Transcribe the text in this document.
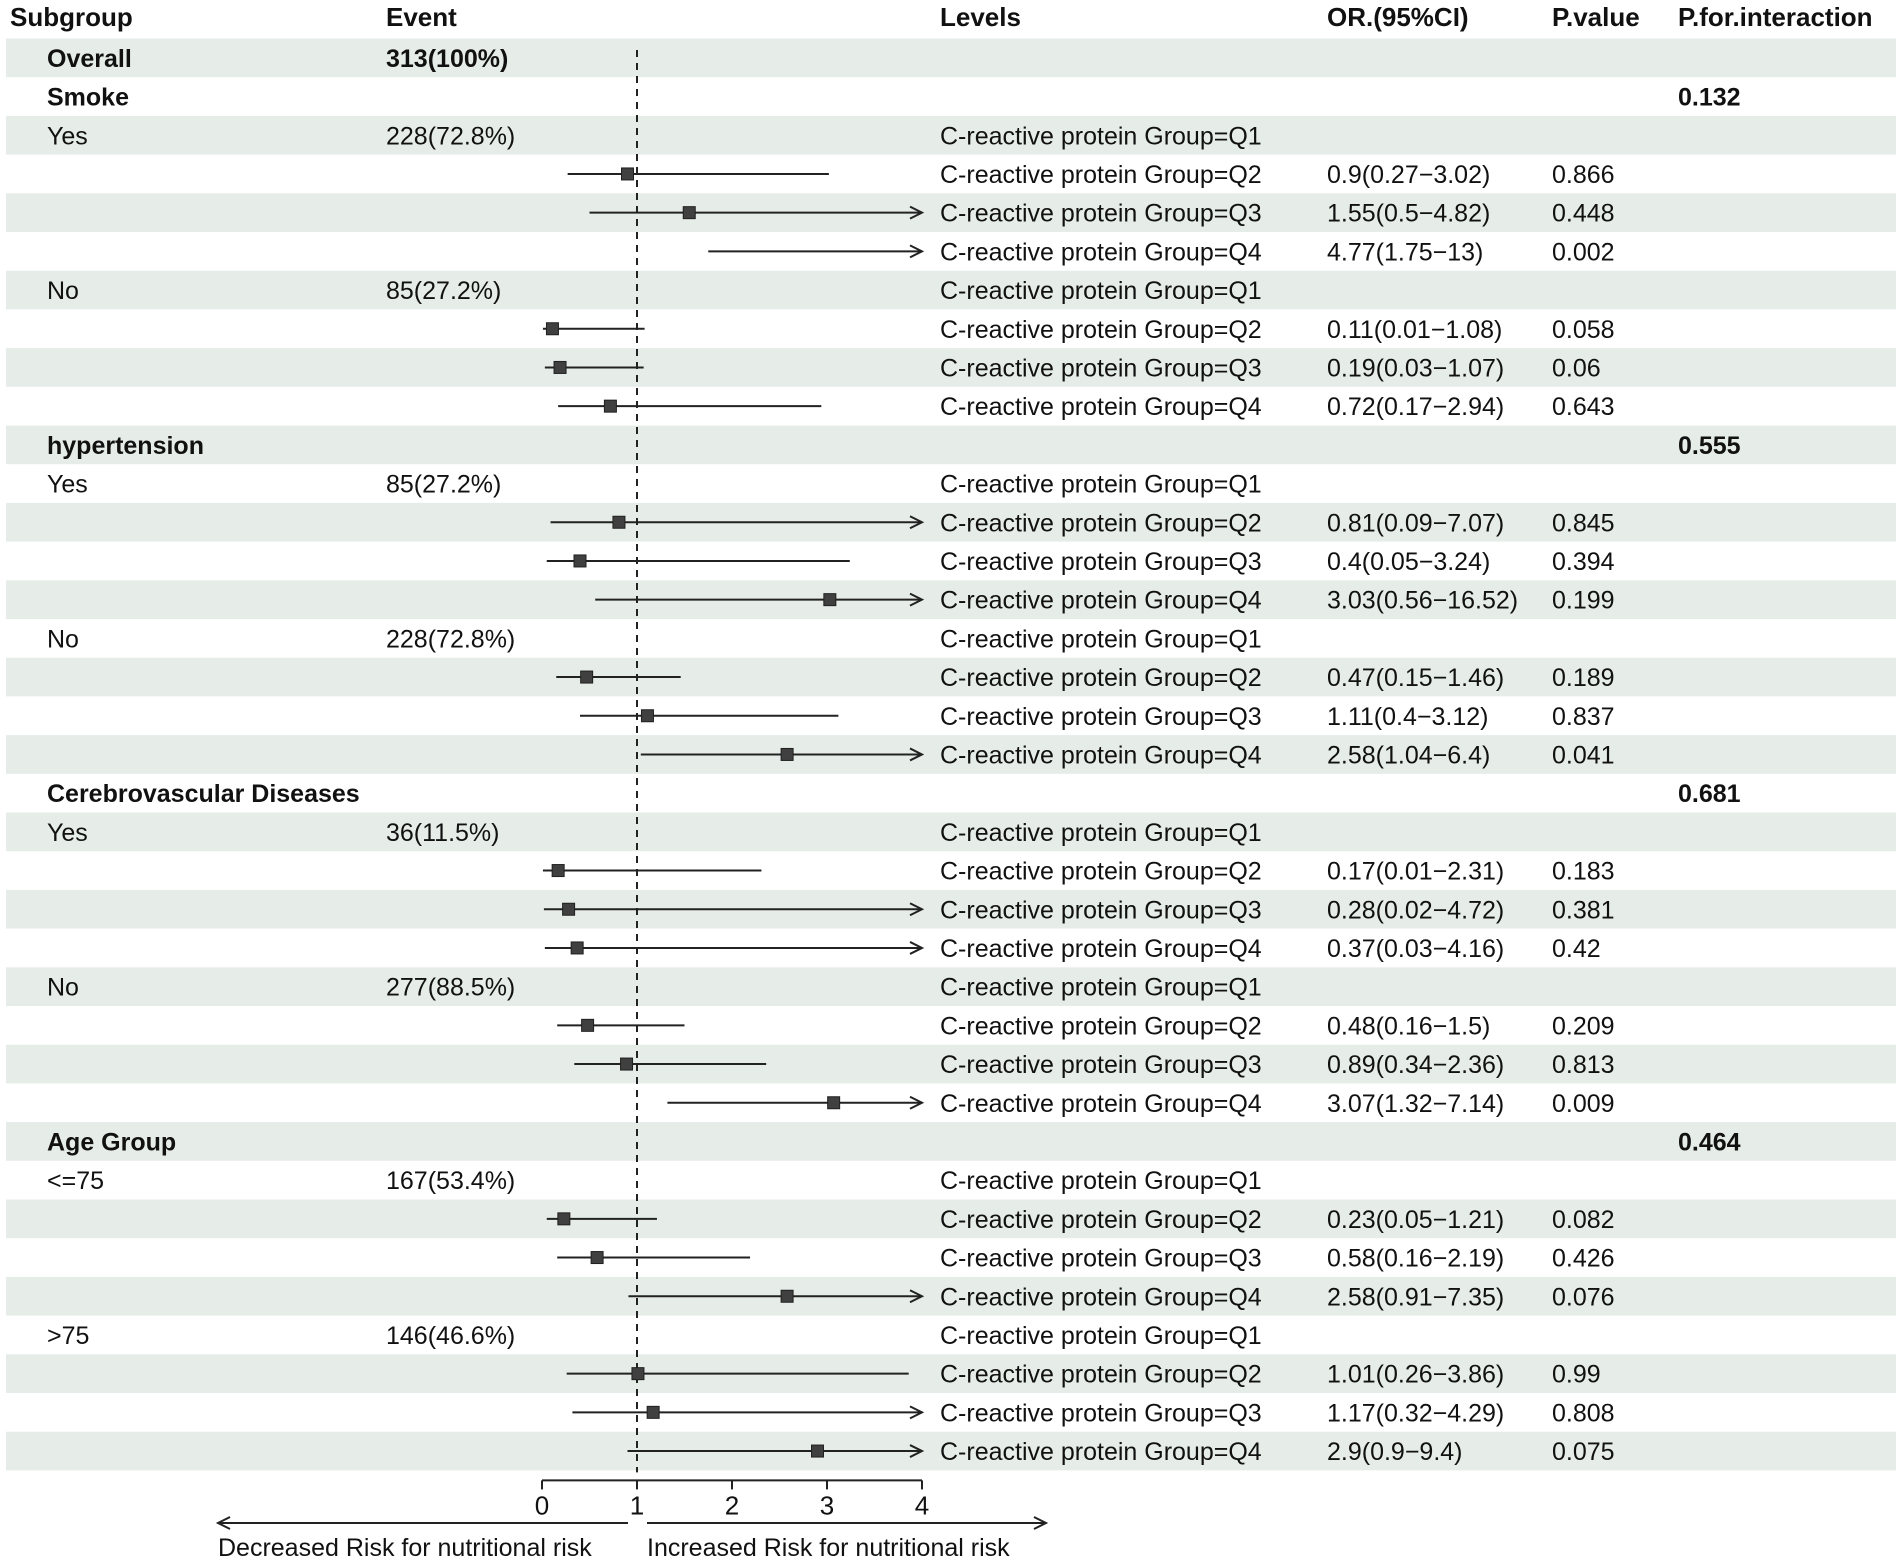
Subgroup	Event	Levels	OR.(95%CI)	P.value P.for.interaction
Overall	313(100%)
Smoke	0.132
Yes	228(72.8%)	C-reactive protein Group=Q1
C-reactive protein Group=Q2	0.9(0.27−3.02) 0.866
C-reactive protein Group=Q3	1.55(0.5−4.82) 0.448
C-reactive protein Group=Q4	4.77(1.75−13)	0.002
No	85(27.2%)	C-reactive protein Group=Q1
C-reactive protein Group=Q2	0.11(0.01−1.08) 0.058
C-reactive protein Group=Q3	0.19(0.03−1.07) 0.06
C-reactive protein Group=Q4	0.72(0.17−2.94) 0.643
hypertension	0.555
Yes	85(27.2%)	C-reactive protein Group=Q1
C-reactive protein Group=Q2	0.81(0.09−7.07) 0.845
C-reactive protein Group=Q3	0.4(0.05−3.24) 0.394
C-reactive protein Group=Q4	3.03(0.56−16.52) 0.199
No	228(72.8%)	C-reactive protein Group=Q1
C-reactive protein Group=Q2	0.47(0.15−1.46) 0.189
C-reactive protein Group=Q3	1.11(0.4−3.12)	0.837
C-reactive protein Group=Q4	2.58(1.04−6.4) 0.041
Cerebrovascular Diseases	0.681
Yes	36(11.5%)	C-reactive protein Group=Q1
C-reactive protein Group=Q2	0.17(0.01−2.31) 0.183
C-reactive protein Group=Q3	0.28(0.02−4.72) 0.381
C-reactive protein Group=Q4	0.37(0.03−4.16) 0.42
No	277(88.5%)	C-reactive protein Group=Q1
C-reactive protein Group=Q2	0.48(0.16−1.5) 0.209
C-reactive protein Group=Q3	0.89(0.34−2.36) 0.813
C-reactive protein Group=Q4	3.07(1.32−7.14) 0.009
Age Group	0.464
<=75	167(53.4%)	C-reactive protein Group=Q1
C-reactive protein Group=Q2	0.23(0.05−1.21) 0.082
C-reactive protein Group=Q3	0.58(0.16−2.19) 0.426
C-reactive protein Group=Q4	2.58(0.91−7.35) 0.076
>75	146(46.6%)	C-reactive protein Group=Q1
C-reactive protein Group=Q2	1.01(0.26−3.86) 0.99
C-reactive protein Group=Q3	1.17(0.32−4.29) 0.808
C-reactive protein Group=Q4	2.9(0.9−9.4)	0.075
0	1	2	3	4
Decreased Risk for nutritional risk Increased Risk for nutritional risk
